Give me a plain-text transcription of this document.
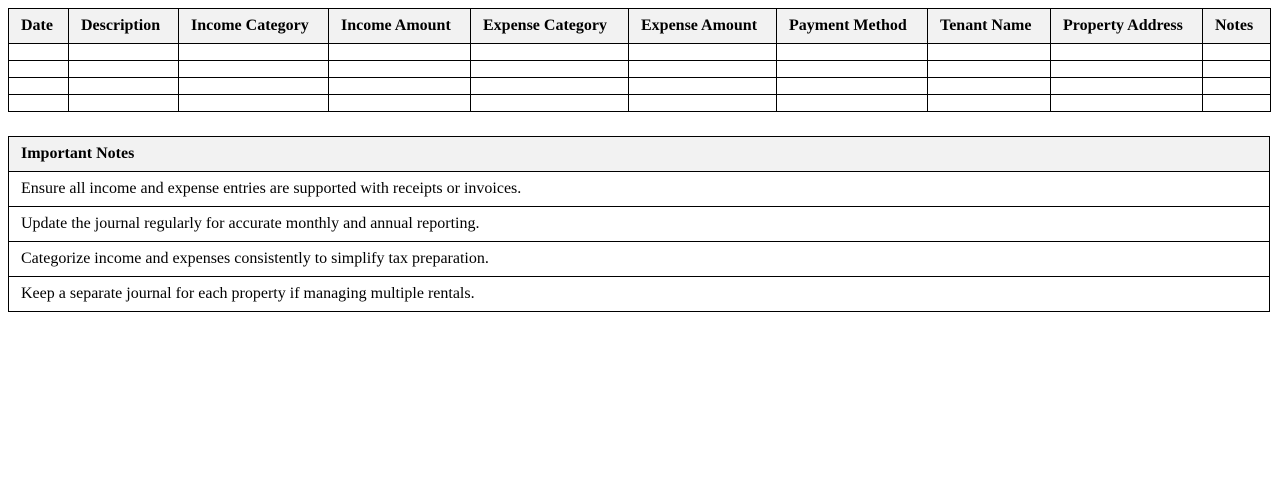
Date	Description	Income Category	Income Amount	Expense Category	Expense Amount	Payment Method	Tenant Name	Property Address	Notes

Important Notes
Ensure all income and expense entries are supported with receipts or invoices.
Update the journal regularly for accurate monthly and annual reporting.
Categorize income and expenses consistently to simplify tax preparation.
Keep a separate journal for each property if managing multiple rentals.
